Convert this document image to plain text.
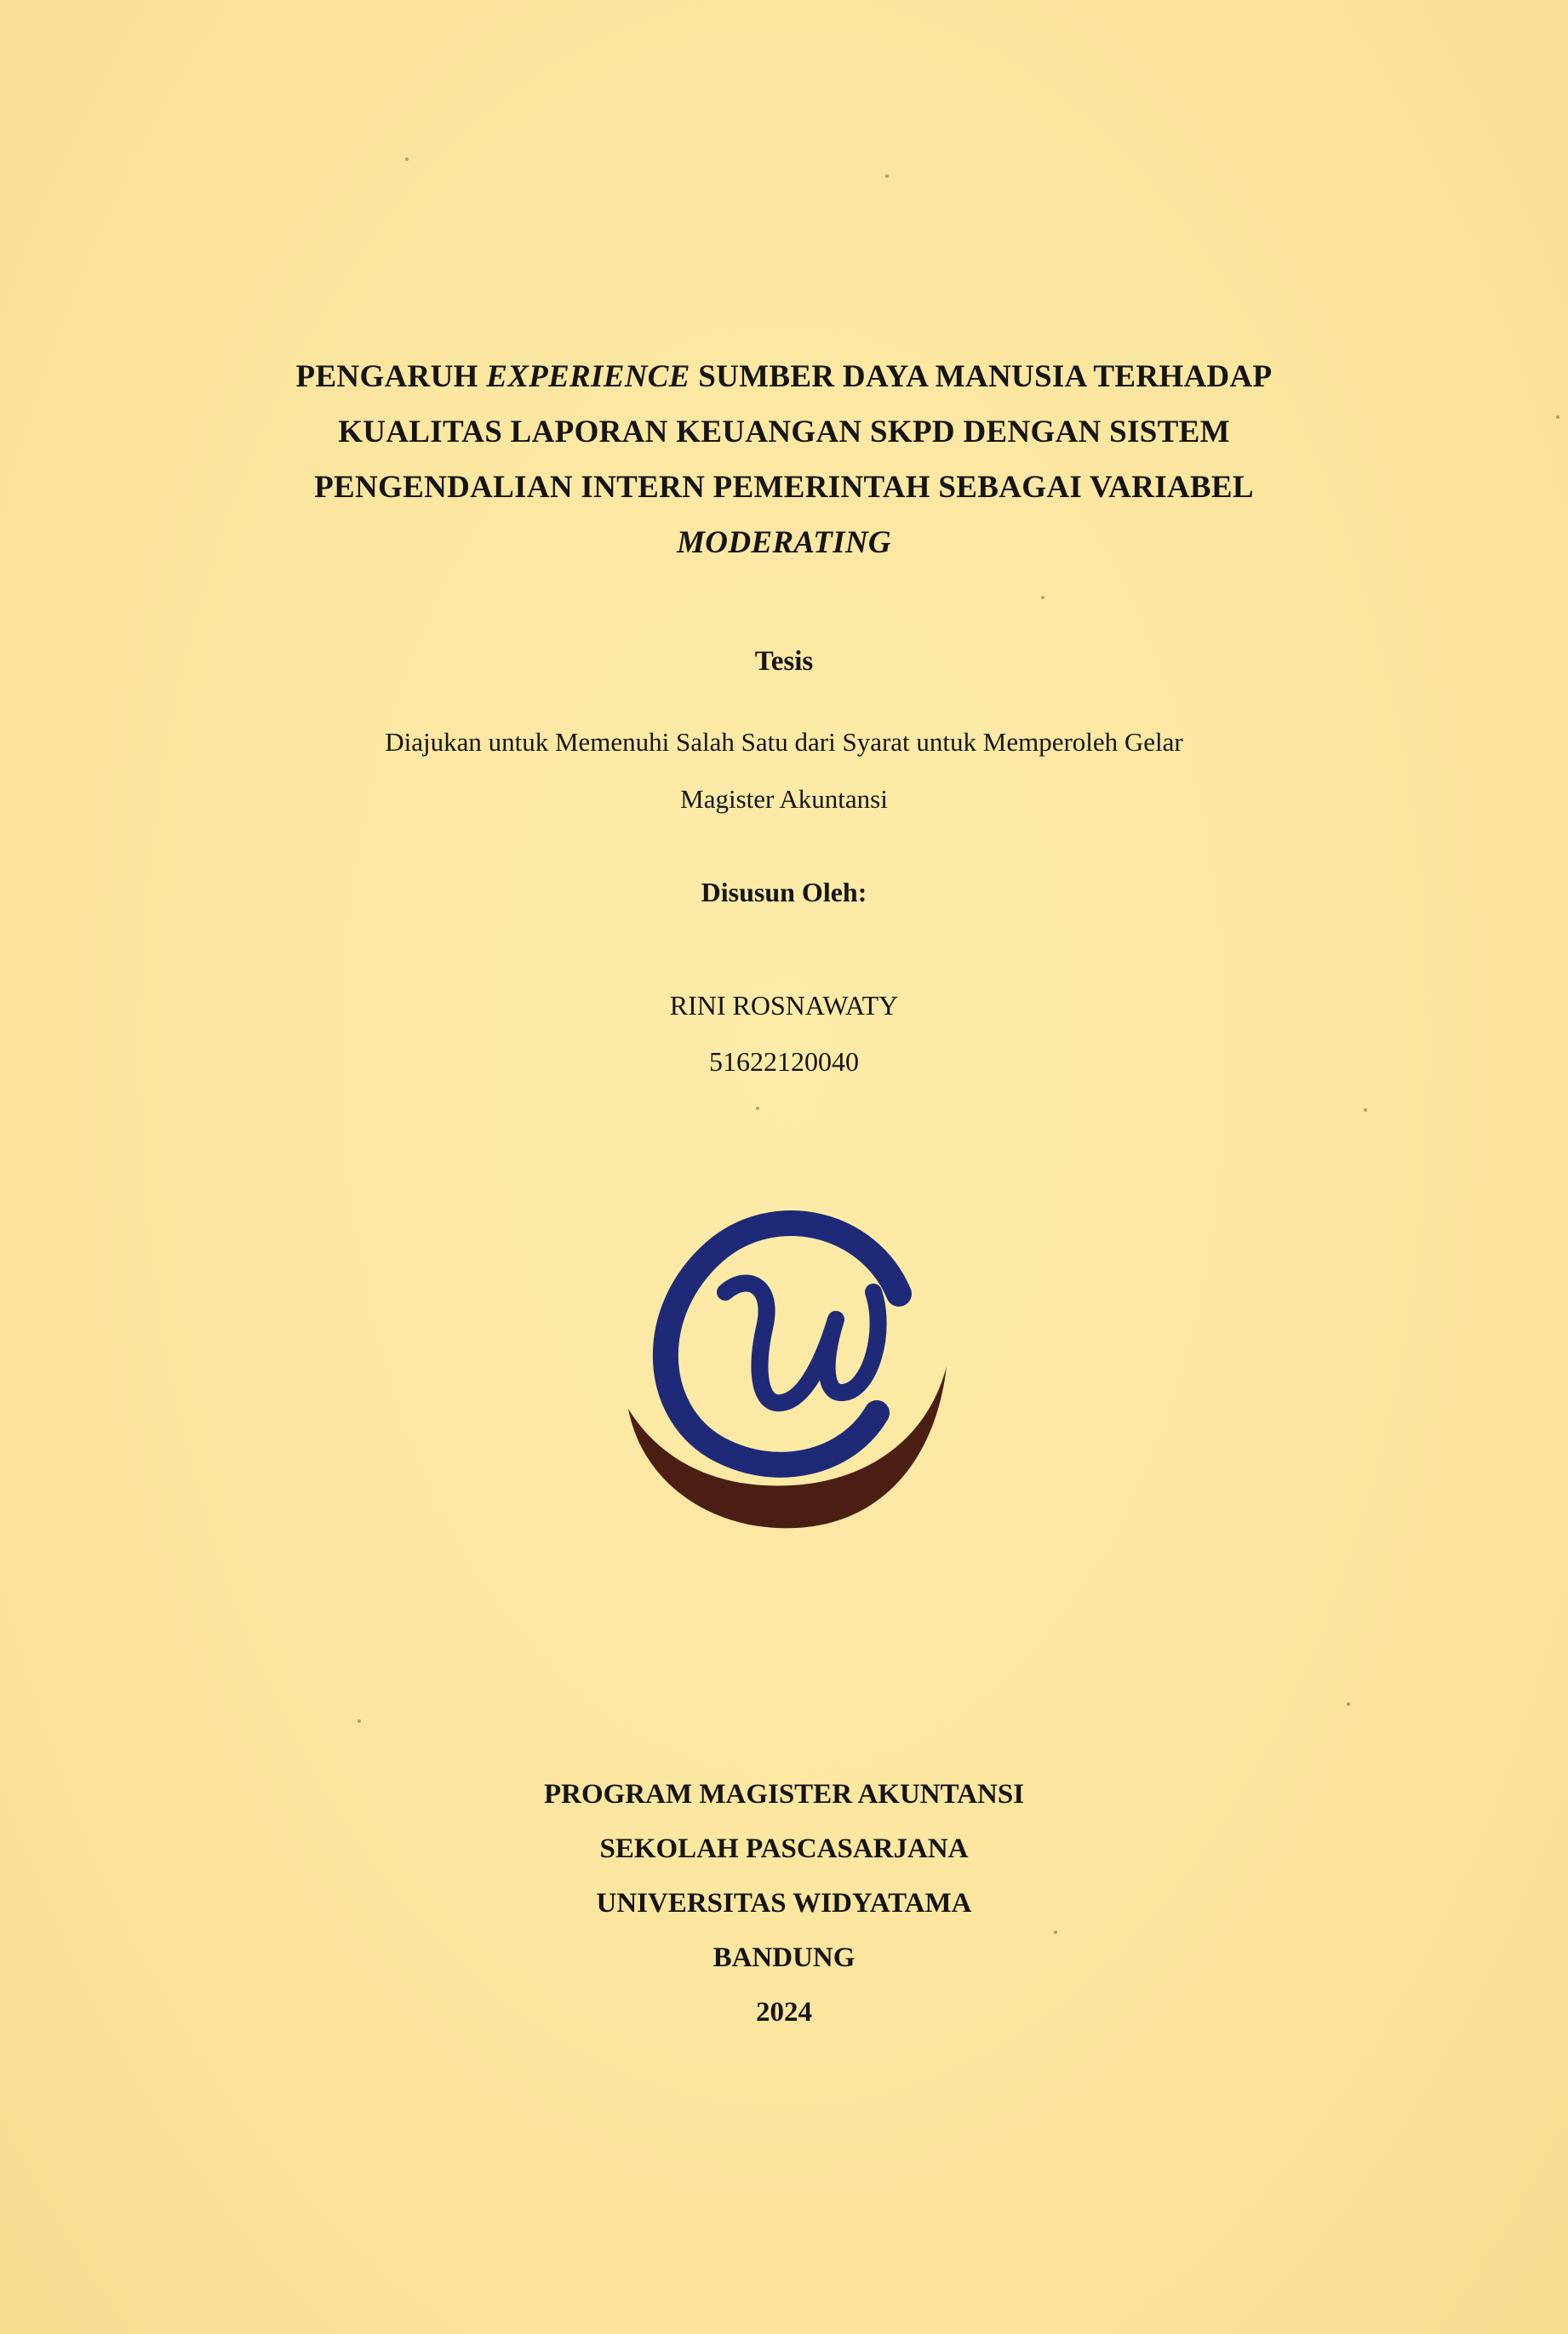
PENGARUH EXPERIENCE SUMBER DAYA MANUSIA TERHADAP
KUALITAS LAPORAN KEUANGAN SKPD DENGAN SISTEM
PENGENDALIAN INTERN PEMERINTAH SEBAGAI VARIABEL
MODERATING
Tesis
Diajukan untuk Memenuhi Salah Satu dari Syarat untuk Memperoleh Gelar
Magister Akuntansi
Disusun Oleh:
RINI ROSNAWATY
51622120040
PROGRAM MAGISTER AKUNTANSI
SEKOLAH PASCASARJANA
UNIVERSITAS WIDYATAMA
BANDUNG
2024
